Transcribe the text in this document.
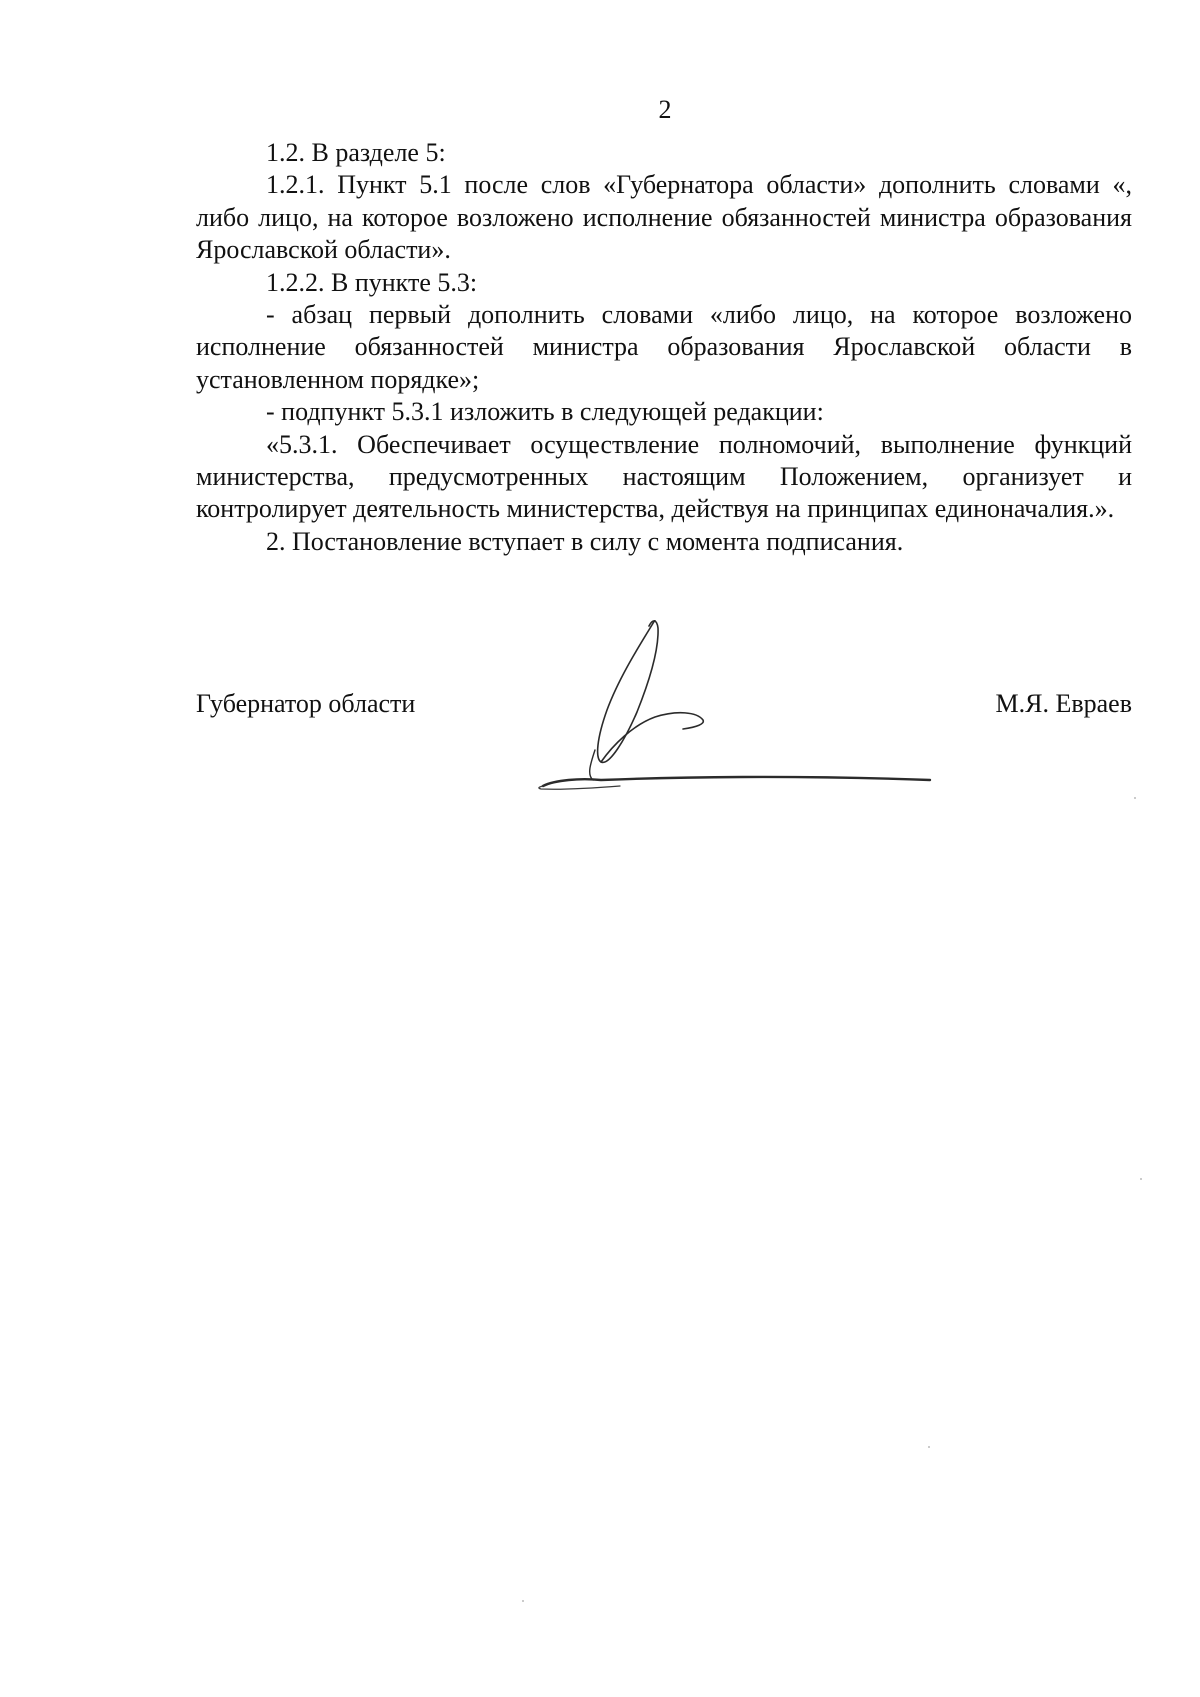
2

1.2. В разделе 5:

1.2.1. Пункт 5.1 после слов «Губернатора области» дополнить словами «, либо лицо, на которое возложено исполнение обязанностей министра образования Ярославской области».

1.2.2. В пункте 5.3:

- абзац первый дополнить словами «либо лицо, на которое возложено исполнение обязанностей министра образования Ярославской области в установленном порядке»;

- подпункт 5.3.1 изложить в следующей редакции:

«5.3.1. Обеспечивает осуществление полномочий, выполнение функций министерства, предусмотренных настоящим Положением, организует и контролирует деятельность министерства, действуя на принципах единоначалия.».

2. Постановление вступает в силу с момента подписания.

Губернатор области	М.Я. Евраев
